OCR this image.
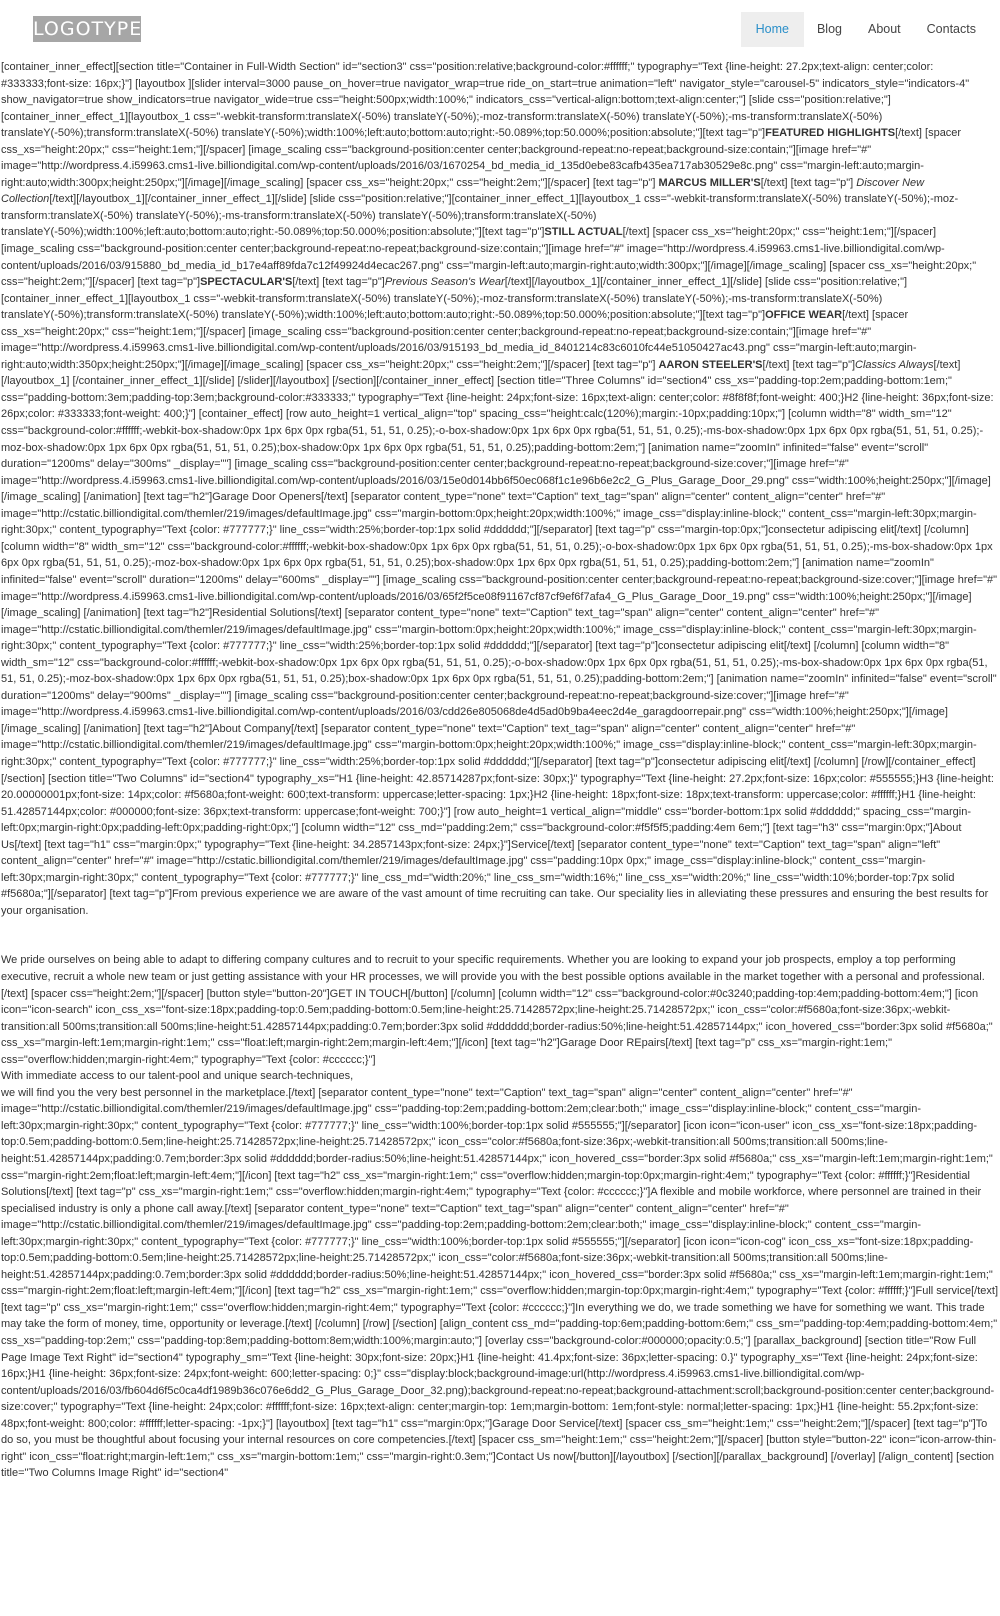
LOGOTYPE	Home	Blog	About	Contacts

[container_inner_effect][section title="Container in Full-Width Section" id="section3" css="position:relative;background-color:#ffffff;" typography="Text {line-height: 27.2px;text-align: center;color: #333333;font-size: 16px;}"] [layoutbox ][slider interval=3000 pause_on_hover=true navigator_wrap=true ride_on_start=true animation="left" navigator_style="carousel-5" indicators_style="indicators-4" show_navigator=true show_indicators=true navigator_wide=true css="height:500px;width:100%;" indicators_css="vertical-align:bottom;text-align:center;"] [slide css="position:relative;"][container_inner_effect_1][layoutbox_1 css="-webkit-transform:translateX(-50%) translateY(-50%);-moz-transform:translateX(-50%) translateY(-50%);-ms-transform:translateX(-50%) translateY(-50%);transform:translateX(-50%) translateY(-50%);width:100%;left:auto;bottom:auto;right:-50.089%;top:50.000%;position:absolute;"][text tag="p"]FEATURED HIGHLIGHTS[/text] [spacer css_xs="height:20px;" css="height:1em;"][/spacer] [image_scaling css="background-position:center center;background-repeat:no-repeat;background-size:contain;"][image href="#" image="http://wordpress.4.i59963.cms1-live.billiondigital.com/wp-content/uploads/2016/03/1670254_bd_media_id_135d0ebe83cafb435ea717ab30529e8c.png" css="margin-left:auto;margin-right:auto;width:300px;height:250px;"][/image][/image_scaling] [spacer css_xs="height:20px;" css="height:2em;"][/spacer] [text tag="p"] MARCUS MILLER'S[/text] [text tag="p"] Discover New Collection[/text][/layoutbox_1][/container_inner_effect_1][/slide] [slide css="position:relative;"][container_inner_effect_1][layoutbox_1 css="-webkit-transform:translateX(-50%) translateY(-50%);-moz-transform:translateX(-50%) translateY(-50%);-ms-transform:translateX(-50%) translateY(-50%);transform:translateX(-50%) translateY(-50%);width:100%;left:auto;bottom:auto;right:-50.089%;top:50.000%;position:absolute;"][text tag="p"]STILL ACTUAL[/text] [spacer css_xs="height:20px;" css="height:1em;"][/spacer] [image_scaling css="background-position:center center;background-repeat:no-repeat;background-size:contain;"][image href="#" image="http://wordpress.4.i59963.cms1-live.billiondigital.com/wp-content/uploads/2016/03/915880_bd_media_id_b17e4aff89fda7c12f49924d4ecac267.png" css="margin-left:auto;margin-right:auto;width:300px;"][/image][/image_scaling] [spacer css_xs="height:20px;" css="height:2em;"][/spacer] [text tag="p"]SPECTACULAR'S[/text] [text tag="p"]Previous Season's Wear[/text][/layoutbox_1][/container_inner_effect_1][/slide] [slide css="position:relative;"][container_inner_effect_1][layoutbox_1 css="-webkit-transform:translateX(-50%) translateY(-50%);-moz-transform:translateX(-50%) translateY(-50%);-ms-transform:translateX(-50%) translateY(-50%);transform:translateX(-50%) translateY(-50%);width:100%;left:auto;bottom:auto;right:-50.089%;top:50.000%;position:absolute;"][text tag="p"]OFFICE WEAR[/text] [spacer css_xs="height:20px;" css="height:1em;"][/spacer] [image_scaling css="background-position:center center;background-repeat:no-repeat;background-size:contain;"][image href="#" image="http://wordpress.4.i59963.cms1-live.billiondigital.com/wp-content/uploads/2016/03/915193_bd_media_id_8401214c83c6010fc44e51050427ac43.png" css="margin-left:auto;margin-right:auto;width:350px;height:250px;"][/image][/image_scaling] [spacer css_xs="height:20px;" css="height:2em;"][/spacer] [text tag="p"] AARON STEELER'S[/text] [text tag="p"]Classics Always[/text][/layoutbox_1] [/container_inner_effect_1][/slide] [/slider][/layoutbox] [/section][/container_inner_effect] [section title="Three Columns" id="section4" css_xs="padding-top:2em;padding-bottom:1em;" css="padding-bottom:3em;padding-top:3em;background-color:#333333;" typography="Text {line-height: 24px;font-size: 16px;text-align: center;color: #8f8f8f;font-weight: 400;}H2 {line-height: 36px;font-size: 26px;color: #333333;font-weight: 400;}"] [container_effect] [row auto_height=1 vertical_align="top" spacing_css="height:calc(120%);margin:-10px;padding:10px;"] [column width="8" width_sm="12" css="background-color:#ffffff;-webkit-box-shadow:0px 1px 6px 0px rgba(51, 51, 51, 0.25);-o-box-shadow:0px 1px 6px 0px rgba(51, 51, 51, 0.25);-ms-box-shadow:0px 1px 6px 0px rgba(51, 51, 51, 0.25);-moz-box-shadow:0px 1px 6px 0px rgba(51, 51, 51, 0.25);box-shadow:0px 1px 6px 0px rgba(51, 51, 51, 0.25);padding-bottom:2em;"] [animation name="zoomIn" infinited="false" event="scroll" duration="1200ms" delay="300ms" _display=""] [image_scaling css="background-position:center center;background-repeat:no-repeat;background-size:cover;"][image href="#" image="http://wordpress.4.i59963.cms1-live.billiondigital.com/wp-content/uploads/2016/03/15e0d014bb6f50ec068f1c1e96b6e2c2_G_Plus_Garage_Door_29.png" css="width:100%;height:250px;"][/image][/image_scaling] [/animation] [text tag="h2"]Garage Door Openers[/text] [separator content_type="none" text="Caption" text_tag="span" align="center" content_align="center" href="#" image="http://cstatic.billiondigital.com/themler/219/images/defaultImage.jpg" css="margin-bottom:0px;height:20px;width:100%;" image_css="display:inline-block;" content_css="margin-left:30px;margin-right:30px;" content_typography="Text {color: #777777;}" line_css="width:25%;border-top:1px solid #dddddd;"][/separator] [text tag="p" css="margin-top:0px;"]consectetur adipiscing elit[/text] [/column] [column width="8" width_sm="12" css="background-color:#ffffff;-webkit-box-shadow:0px 1px 6px 0px rgba(51, 51, 51, 0.25);-o-box-shadow:0px 1px 6px 0px rgba(51, 51, 51, 0.25);-ms-box-shadow:0px 1px 6px 0px rgba(51, 51, 51, 0.25);-moz-box-shadow:0px 1px 6px 0px rgba(51, 51, 51, 0.25);box-shadow:0px 1px 6px 0px rgba(51, 51, 51, 0.25);padding-bottom:2em;"] [animation name="zoomIn" infinited="false" event="scroll" duration="1200ms" delay="600ms" _display=""] [image_scaling css="background-position:center center;background-repeat:no-repeat;background-size:cover;"][image href="#" image="http://wordpress.4.i59963.cms1-live.billiondigital.com/wp-content/uploads/2016/03/65f2f5ce08f91167cf87cf9ef6f7afa4_G_Plus_Garage_Door_19.png" css="width:100%;height:250px;"][/image][/image_scaling] [/animation] [text tag="h2"]Residential Solutions[/text] [separator content_type="none" text="Caption" text_tag="span" align="center" content_align="center" href="#" image="http://cstatic.billiondigital.com/themler/219/images/defaultImage.jpg" css="margin-bottom:0px;height:20px;width:100%;" image_css="display:inline-block;" content_css="margin-left:30px;margin-right:30px;" content_typography="Text {color: #777777;}" line_css="width:25%;border-top:1px solid #dddddd;"][/separator] [text tag="p"]consectetur adipiscing elit[/text] [/column] [column width="8" width_sm="12" css="background-color:#ffffff;-webkit-box-shadow:0px 1px 6px 0px rgba(51, 51, 51, 0.25);-o-box-shadow:0px 1px 6px 0px rgba(51, 51, 51, 0.25);-ms-box-shadow:0px 1px 6px 0px rgba(51, 51, 51, 0.25);-moz-box-shadow:0px 1px 6px 0px rgba(51, 51, 51, 0.25);box-shadow:0px 1px 6px 0px rgba(51, 51, 51, 0.25);padding-bottom:2em;"] [animation name="zoomIn" infinited="false" event="scroll" duration="1200ms" delay="900ms" _display=""] [image_scaling css="background-position:center center;background-repeat:no-repeat;background-size:cover;"][image href="#" image="http://wordpress.4.i59963.cms1-live.billiondigital.com/wp-content/uploads/2016/03/cdd26e805068de4d5ad0b9ba4eec2d4e_garagdoorrepair.png" css="width:100%;height:250px;"][/image][/image_scaling] [/animation] [text tag="h2"]About Company[/text] [separator content_type="none" text="Caption" text_tag="span" align="center" content_align="center" href="#" image="http://cstatic.billiondigital.com/themler/219/images/defaultImage.jpg" css="margin-bottom:0px;height:20px;width:100%;" image_css="display:inline-block;" content_css="margin-left:30px;margin-right:30px;" content_typography="Text {color: #777777;}" line_css="width:25%;border-top:1px solid #dddddd;"][/separator] [text tag="p"]consectetur adipiscing elit[/text] [/column] [/row][/container_effect] [/section] [section title="Two Columns" id="section4" typography_xs="H1 {line-height: 42.85714287px;font-size: 30px;}" typography="Text {line-height: 27.2px;font-size: 16px;color: #555555;}H3 {line-height: 20.00000001px;font-size: 14px;color: #f5680a;font-weight: 600;text-transform: uppercase;letter-spacing: 1px;}H2 {line-height: 18px;font-size: 18px;text-transform: uppercase;color: #ffffff;}H1 {line-height: 51.42857144px;color: #000000;font-size: 36px;text-transform: uppercase;font-weight: 700;}"] [row auto_height=1 vertical_align="middle" css="border-bottom:1px solid #dddddd;" spacing_css="margin-left:0px;margin-right:0px;padding-left:0px;padding-right:0px;"] [column width="12" css_md="padding:2em;" css="background-color:#f5f5f5;padding:4em 6em;"] [text tag="h3" css="margin:0px;"]About Us[/text] [text tag="h1" css="margin:0px;" typography="Text {line-height: 34.2857143px;font-size: 24px;}"]Service[/text] [separator content_type="none" text="Caption" text_tag="span" align="left" content_align="center" href="#" image="http://cstatic.billiondigital.com/themler/219/images/defaultImage.jpg" css="padding:10px 0px;" image_css="display:inline-block;" content_css="margin-left:30px;margin-right:30px;" content_typography="Text {color: #777777;}" line_css_md="width:20%;" line_css_sm="width:16%;" line_css_xs="width:20%;" line_css="width:10%;border-top:7px solid #f5680a;"][/separator] [text tag="p"]From previous experience we are aware of the vast amount of time recruiting can take. Our speciality lies in alleviating these pressures and ensuring the best results for your organisation.

We pride ourselves on being able to adapt to differing company cultures and to recruit to your specific requirements. Whether you are looking to expand your job prospects, employ a top performing executive, recruit a whole new team or just getting assistance with your HR processes, we will provide you with the best possible options available in the market together with a personal and professional.

[/text] [spacer css="height:2em;"][/spacer] [button style="button-20"]GET IN TOUCH[/button] [/column] [column width="12" css="background-color:#0c3240;padding-top:4em;padding-bottom:4em;"] [icon icon="icon-search" icon_css_xs="font-size:18px;padding-top:0.5em;padding-bottom:0.5em;line-height:25.71428572px;line-height:25.71428572px;" icon_css="color:#f5680a;font-size:36px;-webkit-transition:all 500ms;transition:all 500ms;line-height:51.42857144px;padding:0.7em;border:3px solid #dddddd;border-radius:50%;line-height:51.42857144px;" icon_hovered_css="border:3px solid #f5680a;" css_xs="margin-left:1em;margin-right:1em;" css="float:left;margin-right:2em;margin-left:4em;"][/icon] [text tag="h2"]Garage Door REpairs[/text] [text tag="p" css_xs="margin-right:1em;" css="overflow:hidden;margin-right:4em;" typography="Text {color: #cccccc;}"]

With immediate access to our talent-pool and unique search-techniques,

we will find you the very best personnel in the marketplace.[/text] [separator content_type="none" text="Caption" text_tag="span" align="center" content_align="center" href="#" image="http://cstatic.billiondigital.com/themler/219/images/defaultImage.jpg" css="padding-top:2em;padding-bottom:2em;clear:both;" image_css="display:inline-block;" content_css="margin-left:30px;margin-right:30px;" content_typography="Text {color: #777777;}" line_css="width:100%;border-top:1px solid #555555;"][/separator] [icon icon="icon-user" icon_css_xs="font-size:18px;padding-top:0.5em;padding-bottom:0.5em;line-height:25.71428572px;line-height:25.71428572px;" icon_css="color:#f5680a;font-size:36px;-webkit-transition:all 500ms;transition:all 500ms;line-height:51.42857144px;padding:0.7em;border:3px solid #dddddd;border-radius:50%;line-height:51.42857144px;" icon_hovered_css="border:3px solid #f5680a;" css_xs="margin-left:1em;margin-right:1em;" css="margin-right:2em;float:left;margin-left:4em;"][/icon] [text tag="h2" css_xs="margin-right:1em;" css="overflow:hidden;margin-top:0px;margin-right:4em;" typography="Text {color: #ffffff;}"]Residential Solutions[/text] [text tag="p" css_xs="margin-right:1em;" css="overflow:hidden;margin-right:4em;" typography="Text {color: #cccccc;}"]A flexible and mobile workforce, where personnel are trained in their specialised industry is only a phone call away.[/text] [separator content_type="none" text="Caption" text_tag="span" align="center" content_align="center" href="#" image="http://cstatic.billiondigital.com/themler/219/images/defaultImage.jpg" css="padding-top:2em;padding-bottom:2em;clear:both;" image_css="display:inline-block;" content_css="margin-left:30px;margin-right:30px;" content_typography="Text {color: #777777;}" line_css="width:100%;border-top:1px solid #555555;"][/separator] [icon icon="icon-cog" icon_css_xs="font-size:18px;padding-top:0.5em;padding-bottom:0.5em;line-height:25.71428572px;line-height:25.71428572px;" icon_css="color:#f5680a;font-size:36px;-webkit-transition:all 500ms;transition:all 500ms;line-height:51.42857144px;padding:0.7em;border:3px solid #dddddd;border-radius:50%;line-height:51.42857144px;" icon_hovered_css="border:3px solid #f5680a;" css_xs="margin-left:1em;margin-right:1em;" css="margin-right:2em;float:left;margin-left:4em;"][/icon] [text tag="h2" css_xs="margin-right:1em;" css="overflow:hidden;margin-top:0px;margin-right:4em;" typography="Text {color: #ffffff;}"]Full service[/text] [text tag="p" css_xs="margin-right:1em;" css="overflow:hidden;margin-right:4em;" typography="Text {color: #cccccc;}"]In everything we do, we trade something we have for something we want. This trade may take the form of money, time, opportunity or leverage.[/text] [/column] [/row] [/section] [align_content css_md="padding-top:6em;padding-bottom:6em;" css_sm="padding-top:4em;padding-bottom:4em;" css_xs="padding-top:2em;" css="padding-top:8em;padding-bottom:8em;width:100%;margin:auto;"] [overlay css="background-color:#000000;opacity:0.5;"] [parallax_background] [section title="Row Full Page Image Text Right" id="section4" typography_sm="Text {line-height: 30px;font-size: 20px;}H1 {line-height: 41.4px;font-size: 36px;letter-spacing: 0.}" typography_xs="Text {line-height: 24px;font-size: 16px;}H1 {line-height: 36px;font-size: 24px;font-weight: 600;letter-spacing: 0;}" css="display:block;background-image:url(http://wordpress.4.i59963.cms1-live.billiondigital.com/wp-content/uploads/2016/03/fb604d6f5c0ca4df1989b36c076e6dd2_G_Plus_Garage_Door_32.png);background-repeat:no-repeat;background-attachment:scroll;background-position:center center;background-size:cover;" typography="Text {line-height: 24px;color: #ffffff;font-size: 16px;text-align: center;margin-top: 1em;margin-bottom: 1em;font-style: normal;letter-spacing: 1px;}H1 {line-height: 55.2px;font-size: 48px;font-weight: 800;color: #ffffff;letter-spacing: -1px;}"] [layoutbox] [text tag="h1" css="margin:0px;"]Garage Door Service[/text] [spacer css_sm="height:1em;" css="height:2em;"][/spacer] [text tag="p"]To do so, you must be thoughtful about focusing your internal resources on core competencies.[/text] [spacer css_sm="height:1em;" css="height:2em;"][/spacer] [button style="button-22" icon="icon-arrow-thin-right" icon_css="float:right;margin-left:1em;" css_xs="margin-bottom:1em;" css="margin-right:0.3em;"]Contact Us now[/button][/layoutbox] [/section][/parallax_background] [/overlay] [/align_content] [section title="Two Columns Image Right" id="section4"
